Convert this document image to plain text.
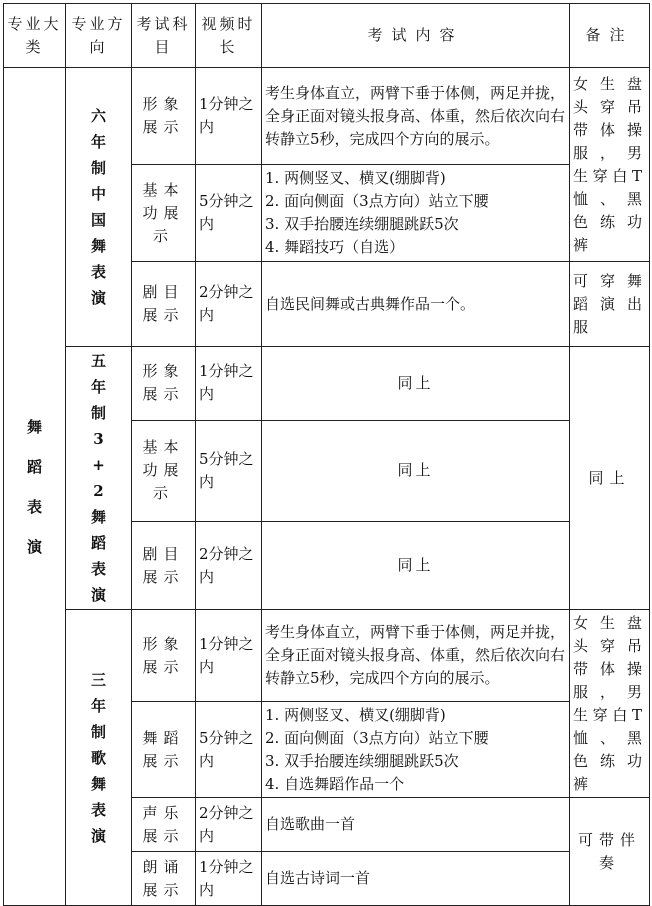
专业大类	专业方向	考试科目	视频时长	考试内容	备注

舞蹈表演	六年制中国舞表演	形象展示	1分钟之内	考生身体直立，两臂下垂于体侧，两足并拢，全身正面对镜头报身高、体重，然后依次向右转静立5秒，完成四个方向的展示。	女生盘头穿吊带体操服，男生穿白T恤、黑色练功裤
		基本功展示	5分钟之内	1. 两侧竖叉、横叉(绷脚背)
2. 面向侧面（3点方向）站立下腰
3. 双手抬腰连续绷腿跳跃5次
4. 舞蹈技巧（自选）	

		剧目展示	2分钟之内	自选民间舞或古典舞作品一个。	可穿舞蹈演出服

	五年制3+2舞蹈表演	形象展示	1分钟之内	同上	同上
		基本功展示	5分钟之内	同上	
		剧目展示	2分钟之内	同上	

	三年制歌舞表演	形象展示	1分钟之内	考生身体直立，两臂下垂于体侧，两足并拢，全身正面对镜头报身高、体重，然后依次向右转静立5秒，完成四个方向的展示。	女生盘头穿吊带体操服，男生穿白T恤、黑色练功裤
		舞蹈展示	5分钟之内	1. 两侧竖叉、横叉(绷脚背)
2. 面向侧面（3点方向）站立下腰
3. 双手抬腰连续绷腿跳跃5次
4. 自选舞蹈作品一个	

		声乐展示	2分钟之内	自选歌曲一首	可带伴奏
		朗诵展示	1分钟之内	自选古诗词一首	
